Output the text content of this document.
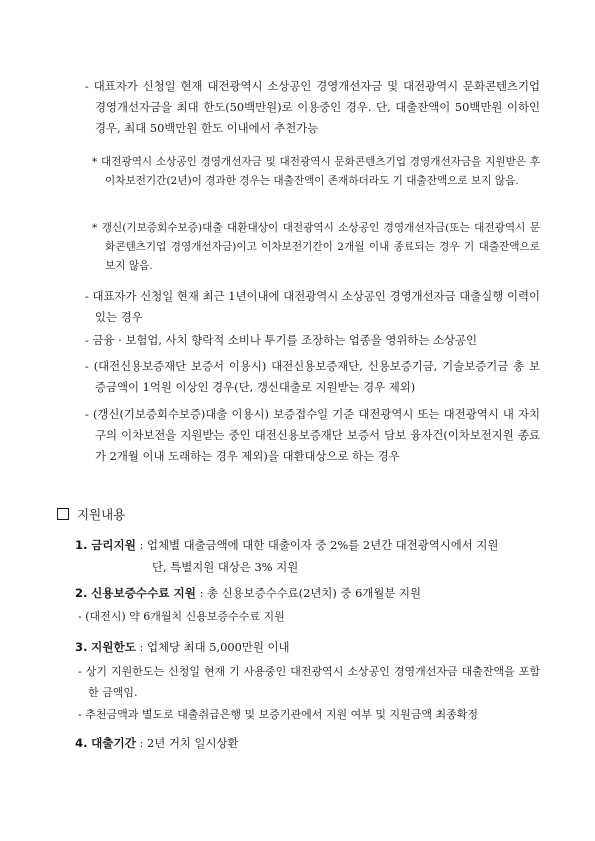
- 대표자가 신청일 현재 대전광역시 소상공인 경영개선자금 및 대전광역시 문화콘텐츠기업 경영개선자금을 최대 한도(50백만원)로 이용중인 경우. 단, 대출잔액이 50백만원 이하인 경우, 최대 50백만원 한도 이내에서 추천가능

* 대전광역시 소상공인 경영개선자금 및 대전광역시 문화콘텐츠기업 경영개선자금을 지원받은 후 이차보전기간(2년)이 경과한 경우는 대출잔액이 존재하더라도 기 대출잔액으로 보지 않음.

* 갱신(기보증회수보증)대출 대환대상이 대전광역시 소상공인 경영개선자금(또는 대전광역시 문화콘텐츠기업 경영개선자금)이고 이차보전기간이 2개월 이내 종료되는 경우 기 대출잔액으로 보지 않음.

- 대표자가 신청일 현재 최근 1년이내에 대전광역시 소상공인 경영개선자금 대출실행 이력이 있는 경우

- 금융 · 보험업, 사치 향락적 소비나 투기를 조장하는 업종을 영위하는 소상공인

- (대전신용보증재단 보증서 이용시) 대전신용보증재단, 신용보증기금, 기술보증기금 총 보증금액이 1억원 이상인 경우(단, 갱신대출로 지원받는 경우 제외)

- (갱신(기보증회수보증)대출 이용시) 보증접수일 기준 대전광역시 또는 대전광역시 내 자치구의 이차보전을 지원받는 중인 대전신용보증재단 보증서 담보 융자건(이차보전지원 종료가 2개월 이내 도래하는 경우 제외)을 대환대상으로 하는 경우

지원내용
1. 금리지원 : 업체별 대출금액에 대한 대출이자 중 2%를 2년간 대전광역시에서 지원
단, 특별지원 대상은 3% 지원
2. 신용보증수수료 지원 : 총 신용보증수수료(2년치) 중 6개월분 지원

- (대전시) 약 6개월치 신용보증수수료 지원

3. 지원한도 : 업체당 최대 5,000만원 이내

- 상기 지원한도는 신청일 현재 기 사용중인 대전광역시 소상공인 경영개선자금 대출잔액을 포함한 금액임.

- 추천금액과 별도로 대출취급은행 및 보증기관에서 지원 여부 및 지원금액 최종확정

4. 대출기간 : 2년 거치 일시상환
